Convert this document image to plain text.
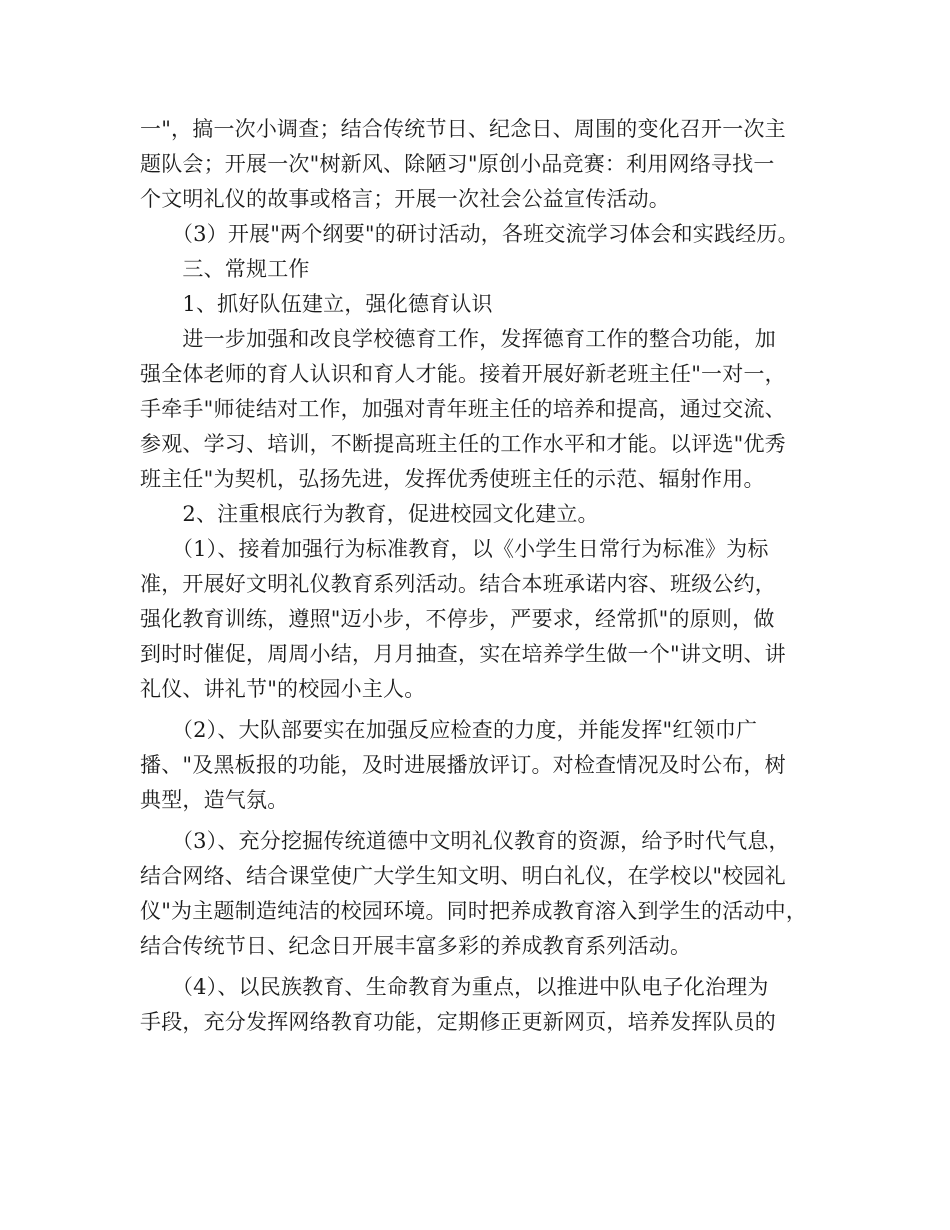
一"，搞一次小调查；结合传统节日、纪念日、周围的变化召开一次主
题队会；开展一次"树新风、除陋习"原创小品竞赛：利用网络寻找一
个文明礼仪的故事或格言；开展一次社会公益宣传活动。
　　（3）开展"两个纲要"的研讨活动，各班交流学习体会和实践经历。
　　三、常规工作
　　1、抓好队伍建立，强化德育认识
　　进一步加强和改良学校德育工作，发挥德育工作的整合功能，加
强全体老师的育人认识和育人才能。接着开展好新老班主任"一对一，
手牵手"师徒结对工作，加强对青年班主任的培养和提高，通过交流、
参观、学习、培训，不断提高班主任的工作水平和才能。以评选"优秀
班主任"为契机，弘扬先进，发挥优秀使班主任的示范、辐射作用。
　　2、注重根底行为教育，促进校园文化建立。
　　（1）、接着加强行为标准教育，以《小学生日常行为标准》为标
准，开展好文明礼仪教育系列活动。结合本班承诺内容、班级公约，
强化教育训练，遵照"迈小步，不停步，严要求，经常抓"的原则，做
到时时催促，周周小结，月月抽查，实在培养学生做一个"讲文明、讲
礼仪、讲礼节"的校园小主人。
　　（2）、大队部要实在加强反应检查的力度，并能发挥"红领巾广
播、"及黑板报的功能，及时进展播放评订。对检查情况及时公布，树
典型，造气氛。
　　（3）、充分挖掘传统道德中文明礼仪教育的资源，给予时代气息，
结合网络、结合课堂使广大学生知文明、明白礼仪，在学校以"校园礼
仪"为主题制造纯洁的校园环境。同时把养成教育溶入到学生的活动中，
结合传统节日、纪念日开展丰富多彩的养成教育系列活动。
　　（4）、以民族教育、生命教育为重点，以推进中队电子化治理为
手段，充分发挥网络教育功能，定期修正更新网页，培养发挥队员的
